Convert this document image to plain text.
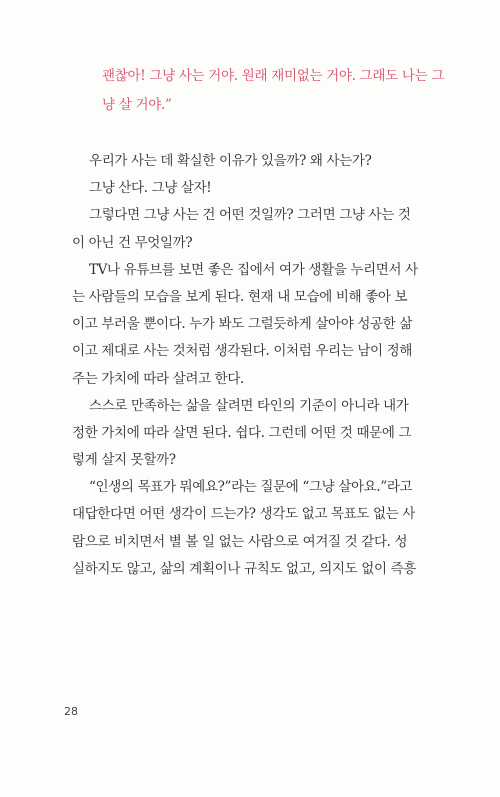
괜찮아! 그냥 사는 거야. 원래 재미없는 거야. 그래도 나는 그
냥 살 거야.”
우리가 사는 데 확실한 이유가 있을까? 왜 사는가?
그냥 산다. 그냥 살자!
그렇다면 그냥 사는 건 어떤 것일까? 그러면 그냥 사는 것
이 아닌 건 무엇일까?
TV나 유튜브를 보면 좋은 집에서 여가 생활을 누리면서 사
는 사람들의 모습을 보게 된다. 현재 내 모습에 비해 좋아 보
이고 부러울 뿐이다. 누가 봐도 그럴듯하게 살아야 성공한 삶
이고 제대로 사는 것처럼 생각된다. 이처럼 우리는 남이 정해
주는 가치에 따라 살려고 한다.
스스로 만족하는 삶을 살려면 타인의 기준이 아니라 내가
정한 가치에 따라 살면 된다. 쉽다. 그런데 어떤 것 때문에 그
렇게 살지 못할까?
“인생의 목표가 뭐예요?”라는 질문에 “그냥 살아요.”라고
대답한다면 어떤 생각이 드는가? 생각도 없고 목표도 없는 사
람으로 비치면서 별 볼 일 없는 사람으로 여겨질 것 같다. 성
실하지도 않고, 삶의 계획이나 규칙도 없고, 의지도 없이 즉흥
28
